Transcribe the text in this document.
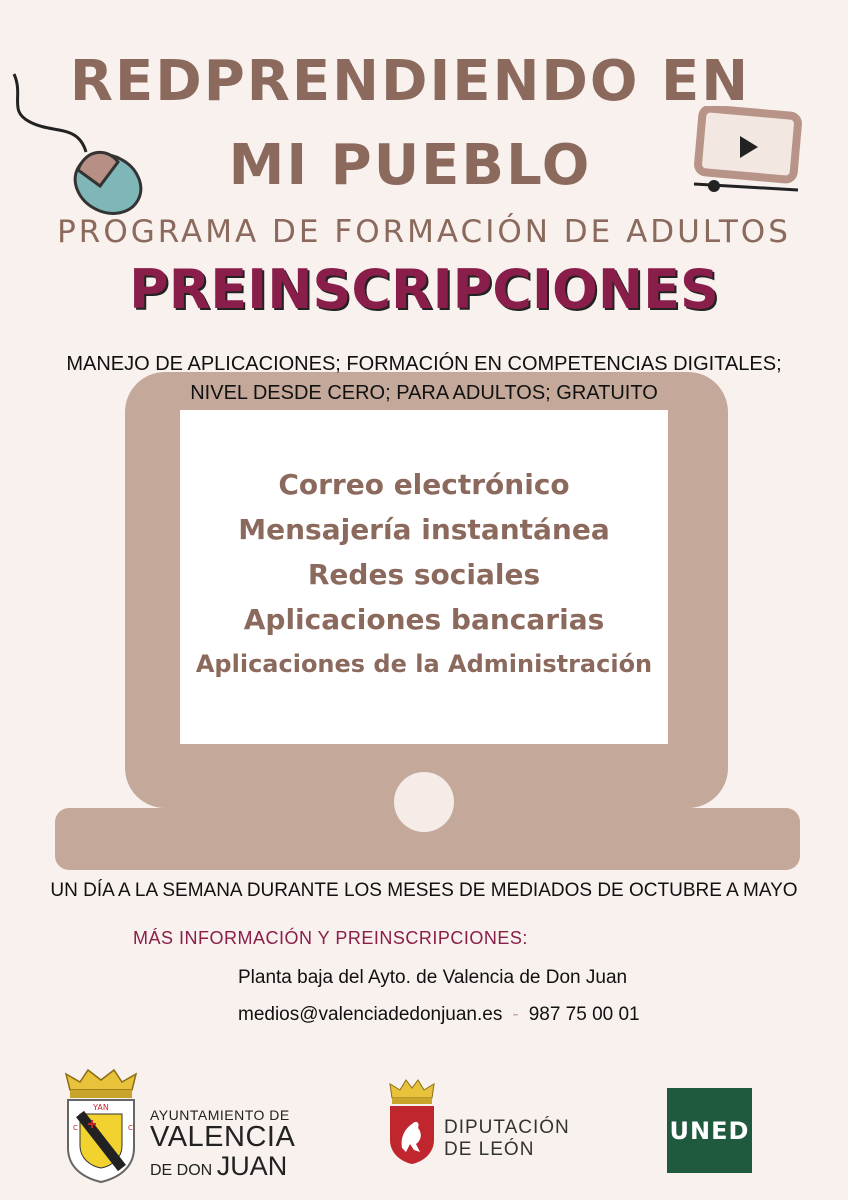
REDPRENDIENDO EN MI PUEBLO
PROGRAMA DE FORMACIÓN DE ADULTOS
PREINSCRIPCIONES
MANEJO DE APLICACIONES; FORMACIÓN EN COMPETENCIAS DIGITALES;
NIVEL DESDE CERO; PARA ADULTOS; GRATUITO
Correo electrónico
Mensajería instantánea
Redes sociales
Aplicaciones bancarias
Aplicaciones de la Administración
UN DÍA A LA SEMANA DURANTE LOS MESES DE MEDIADOS DE OCTUBRE A MAYO
MÁS INFORMACIÓN Y PREINSCRIPCIONES:
Planta baja del Ayto. de Valencia de Don Juan
medios@valenciadedonjuan.es - 987 75 00 01
YAN
C	C
AYUNTAMIENTO DE
VALENCIA
DE DON JUAN
DIPUTACIÓN
DE LEÓN
UNED
